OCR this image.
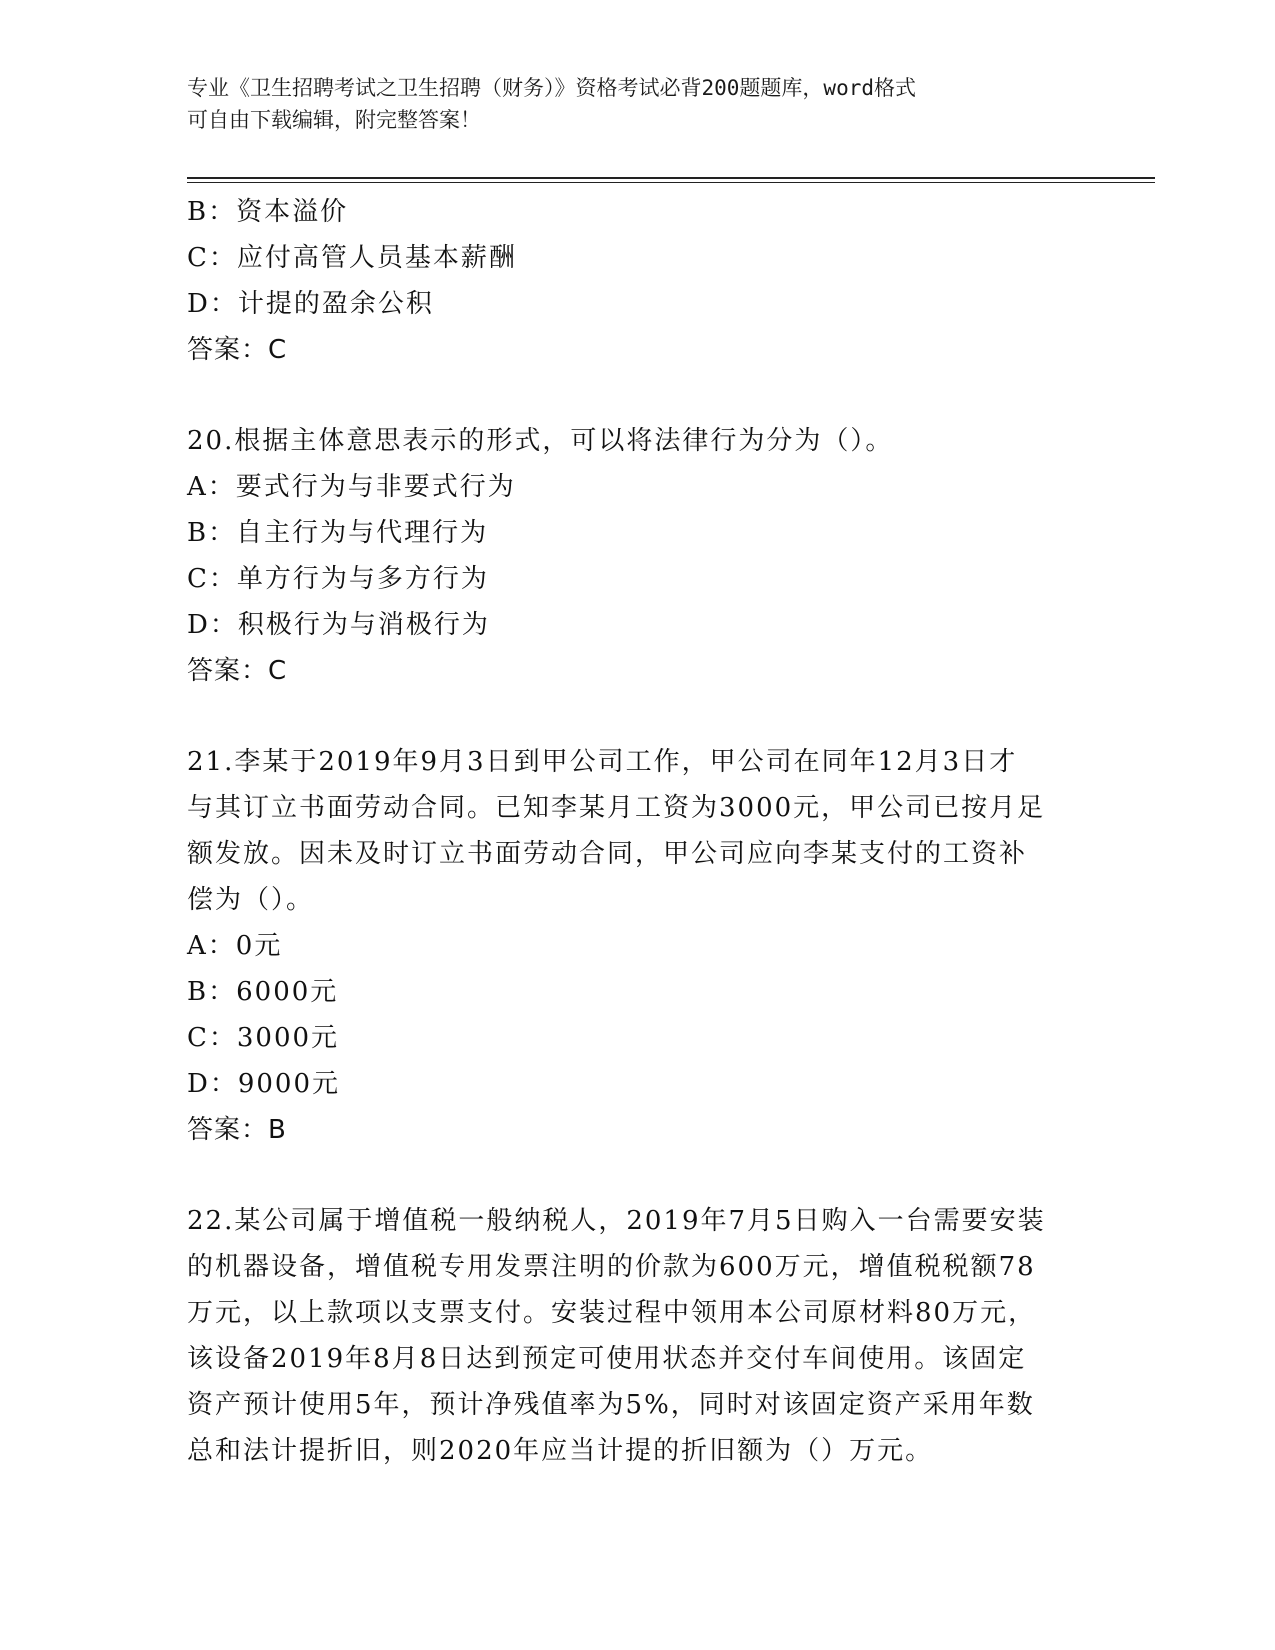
专业《卫生招聘考试之卫生招聘（财务）》资格考试必背200题题库，word格式
可自由下载编辑，附完整答案！
B：资本溢价
C：应付高管人员基本薪酬
D：计提的盈余公积
答案：C
20.根据主体意思表示的形式，可以将法律行为分为（）。
A：要式行为与非要式行为
B：自主行为与代理行为
C：单方行为与多方行为
D：积极行为与消极行为
答案：C
21.李某于2019年9月3日到甲公司工作，甲公司在同年12月3日才
与其订立书面劳动合同。已知李某月工资为3000元，甲公司已按月足
额发放。因未及时订立书面劳动合同，甲公司应向李某支付的工资补
偿为（）。
A：0元
B：6000元
C：3000元
D：9000元
答案：B
22.某公司属于增值税一般纳税人，2019年7月5日购入一台需要安装
的机器设备，增值税专用发票注明的价款为600万元，增值税税额78
万元，以上款项以支票支付。安装过程中领用本公司原材料80万元，
该设备2019年8月8日达到预定可使用状态并交付车间使用。该固定
资产预计使用5年，预计净残值率为5%，同时对该固定资产采用年数
总和法计提折旧，则2020年应当计提的折旧额为（）万元。
